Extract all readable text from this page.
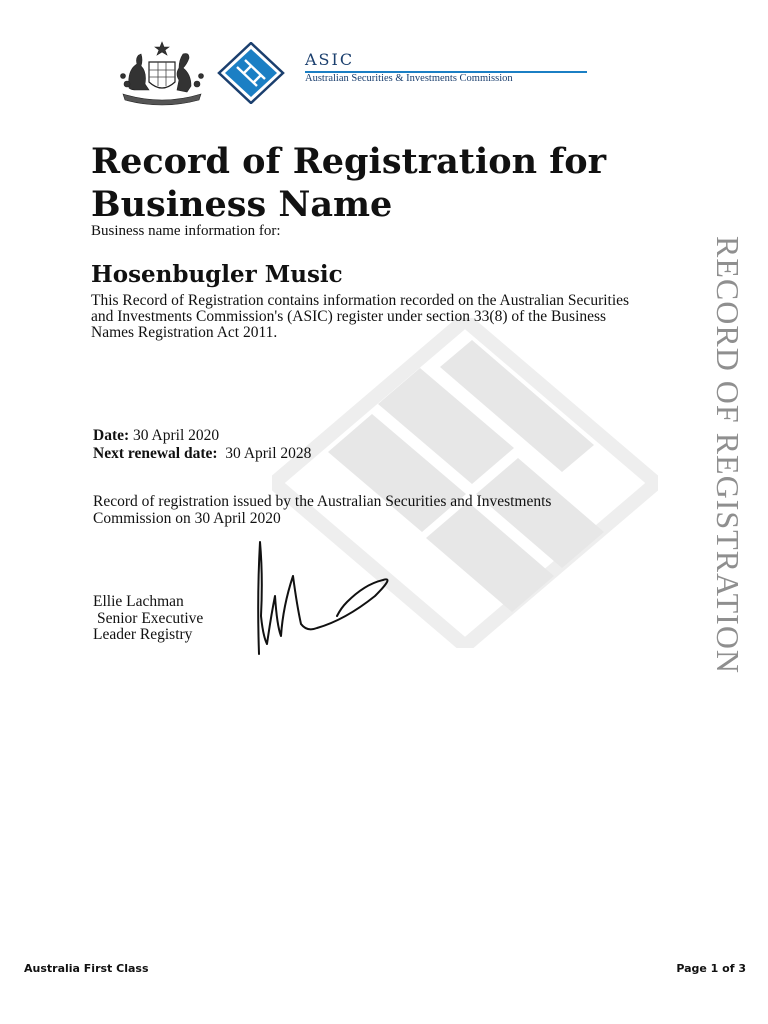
ASIC
Australian Securities & Investments Commission
RECORD OF REGISTRATION
Record of Registration for Business Name
Business name information for:
Hosenbugler Music

This Record of Registration contains information recorded on the Australian Securities and Investments Commission's (ASIC) register under section 33(8) of the Business Names Registration Act 2011.

Date: 30 April 2020
Next renewal date: 30 April 2028

Record of registration issued by the Australian Securities and Investments Commission on 30 April 2020

Ellie Lachman
Senior Executive
Leader Registry
Australia First Class	Page 1 of 3
